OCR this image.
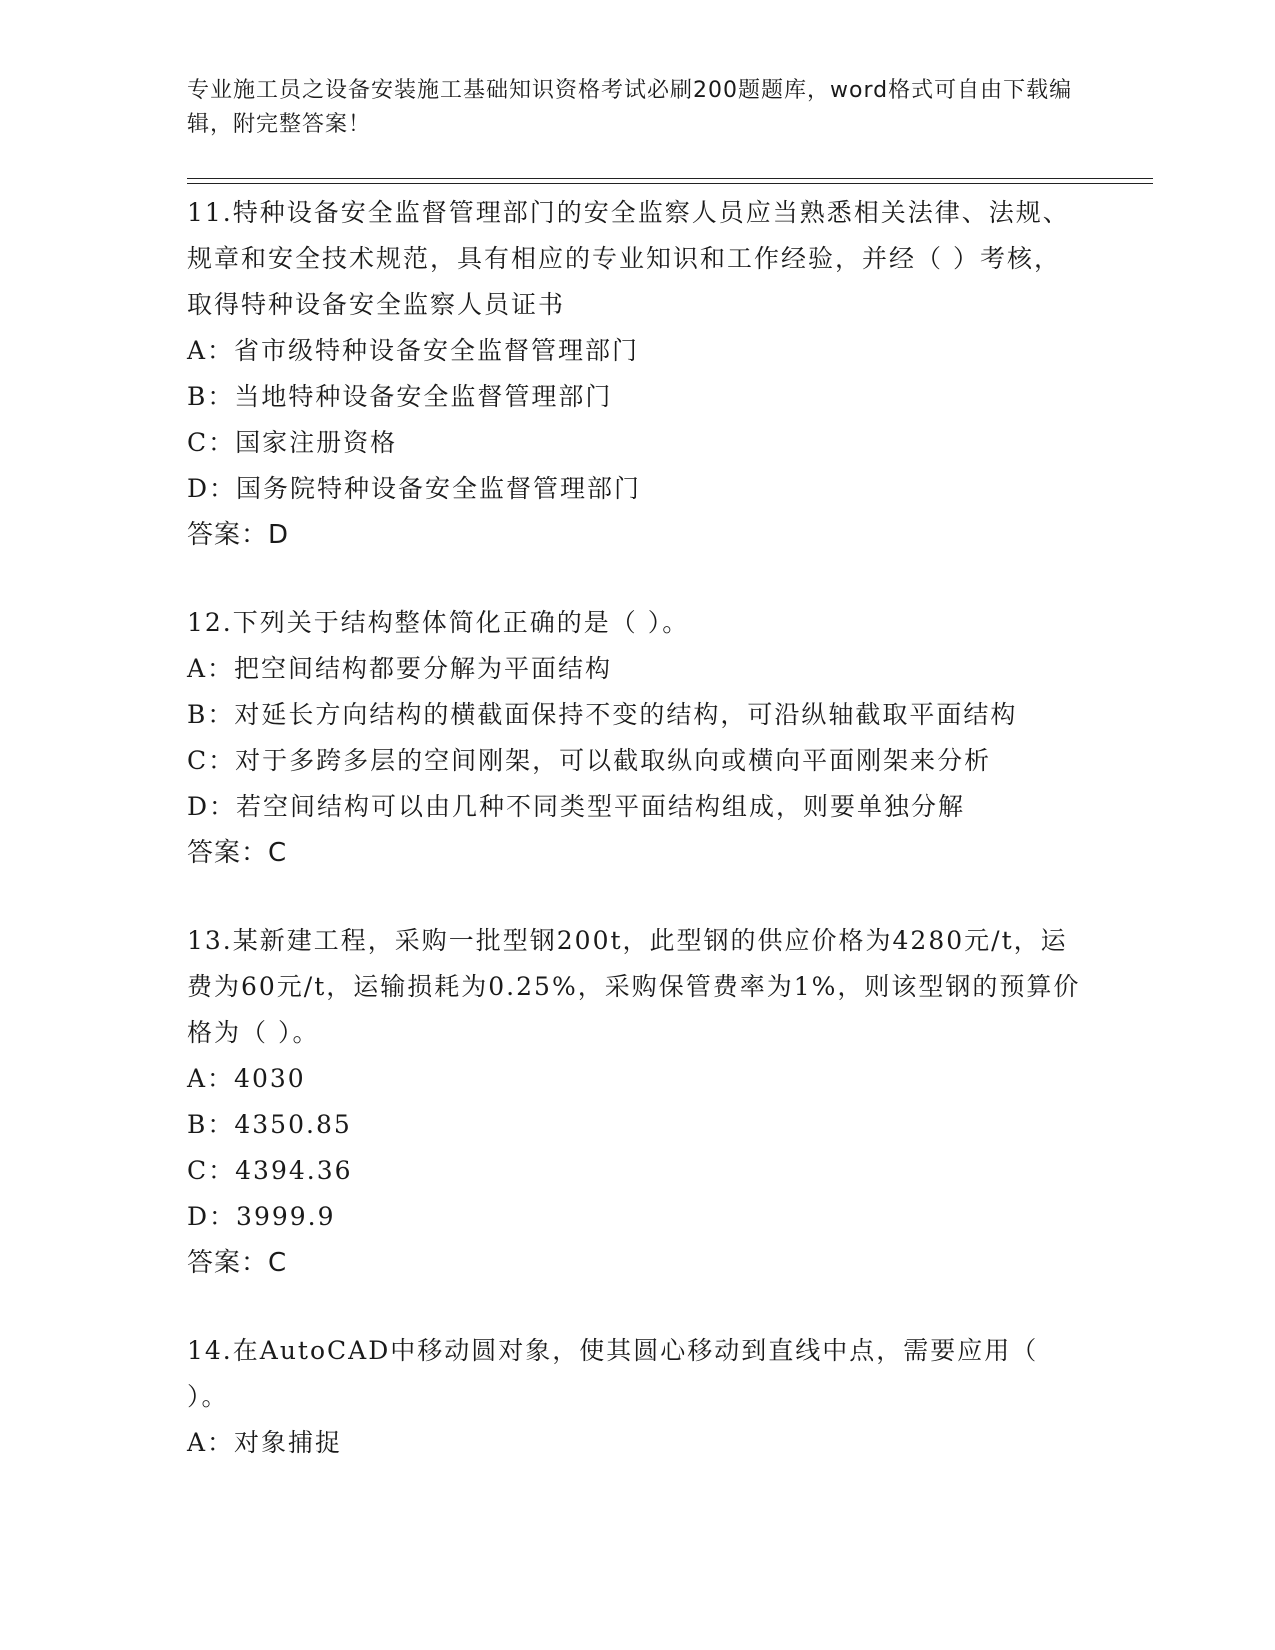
专业施工员之设备安装施工基础知识资格考试必刷200题题库，word格式可自由下载编辑，附完整答案！
11.特种设备安全监督管理部门的安全监察人员应当熟悉相关法律、法规、规章和安全技术规范，具有相应的专业知识和工作经验，并经（ ）考核，取得特种设备安全监察人员证书
A：省市级特种设备安全监督管理部门
B：当地特种设备安全监督管理部门
C：国家注册资格
D：国务院特种设备安全监督管理部门
答案：D
12.下列关于结构整体简化正确的是（ ）。
A：把空间结构都要分解为平面结构
B：对延长方向结构的横截面保持不变的结构，可沿纵轴截取平面结构
C：对于多跨多层的空间刚架，可以截取纵向或横向平面刚架来分析
D：若空间结构可以由几种不同类型平面结构组成，则要单独分解
答案：C
13.某新建工程，采购一批型钢200t，此型钢的供应价格为4280元/t，运费为60元/t，运输损耗为0.25%，采购保管费率为1%，则该型钢的预算价格为（ ）。
A：4030
B：4350.85
C：4394.36
D：3999.9
答案：C
14.在AutoCAD中移动圆对象，使其圆心移动到直线中点，需要应用（ ）。
A：对象捕捉
